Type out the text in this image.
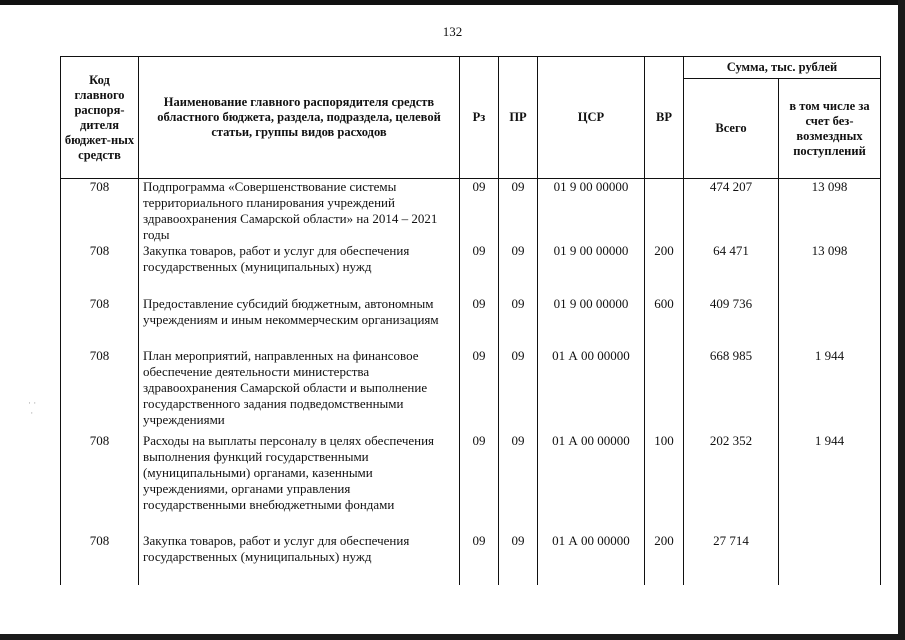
132
Код главного распоря-дителя бюджет-ных средств	Наименование главного распорядителя средств областного бюджета, раздела, подраздела, целевой статьи, группы видов расходов	Рз	ПР	ЦСР	ВР	Сумма, тыс. рублей	
						Всего	в том числе за счет без-возмездных поступлений
708	Подпрограмма «Совершенствование системы территориального планирования учреждений здравоохранения Самарской области» на 2014 – 2021 годы	09	09	01 9 00 00000		474 207	13 098
708	Закупка товаров, работ и услуг для обеспечения государственных (муниципальных) нужд	09	09	01 9 00 00000	200	64 471	13 098
708	Предоставление субсидий бюджетным, автономным учреждениям и иным некоммерческим организациям	09	09	01 9 00 00000	600	409 736	
708	План мероприятий, направленных на финансовое обеспечение деятельности министерства здравоохранения Самарской области и выполнение государственного задания подведомственными учреждениями	09	09	01 А 00 00000		668 985	1 944
708	Расходы на выплаты персоналу в целях обеспечения выполнения функций государственными (муниципальными) органами, казенными учреждениями, органами управления государственными внебюджетными фондами	09	09	01 А 00 00000	100	202 352	1 944
708	Закупка товаров, работ и услуг для обеспечения государственных (муниципальных) нужд	09	09	01 А 00 00000	200	27 714	
· ·
·
